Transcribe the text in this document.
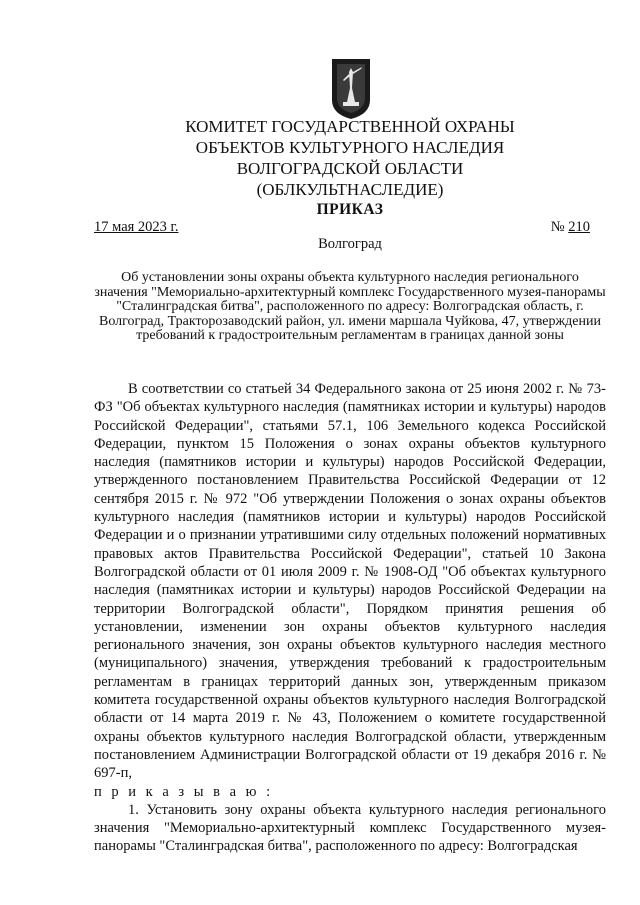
КОМИТЕТ ГОСУДАРСТВЕННОЙ ОХРАНЫ
ОБЪЕКТОВ КУЛЬТУРНОГО НАСЛЕДИЯ
ВОЛГОГРАДСКОЙ ОБЛАСТИ
(ОБЛКУЛЬТНАСЛЕДИЕ)
ПРИКАЗ
17 мая 2023 г.	№ 210
Волгоград
Об установлении зоны охраны объекта культурного наследия регионального значения "Мемориально-архитектурный комплекс Государственного музея-панорамы "Сталинградская битва", расположенного по адресу: Волгоградская область, г. Волгоград, Тракторозаводский район, ул. имени маршала Чуйкова, 47, утверждении требований к градостроительным регламентам в границах данной зоны

В соответствии со статьей 34 Федерального закона от 25 июня 2002 г. № 73-ФЗ "Об объектах культурного наследия (памятниках истории и культуры) народов Российской Федерации", статьями 57.1, 106 Земельного кодекса Российской Федерации, пунктом 15 Положения о зонах охраны объектов культурного наследия (памятников истории и культуры) народов Российской Федерации, утвержденного постановлением Правительства Российской Федерации от 12 сентября 2015 г. № 972 "Об утверждении Положения о зонах охраны объектов культурного наследия (памятников истории и культуры) народов Российской Федерации и о признании утратившими силу отдельных положений нормативных правовых актов Правительства Российской Федерации", статьей 10 Закона Волгоградской области от 01 июля 2009 г. № 1908-ОД "Об объектах культурного наследия (памятниках истории и культуры) народов Российской Федерации на территории Волгоградской области", Порядком принятия решения об установлении, изменении зон охраны объектов культурного наследия регионального значения, зон охраны объектов культурного наследия местного (муниципального) значения, утверждения требований к градостроительным регламентам в границах территорий данных зон, утвержденным приказом комитета государственной охраны объектов культурного наследия Волгоградской области от 14 марта 2019 г. № 43, Положением о комитете государственной охраны объектов культурного наследия Волгоградской области, утвержденным постановлением Администрации Волгоградской области от 19 декабря 2016 г. № 697-п,

п р и к а з ы в а ю :

1. Установить зону охраны объекта культурного наследия регионального значения "Мемориально-архитектурный комплекс Государственного музея-панорамы "Сталинградская битва", расположенного по адресу: Волгоградская
